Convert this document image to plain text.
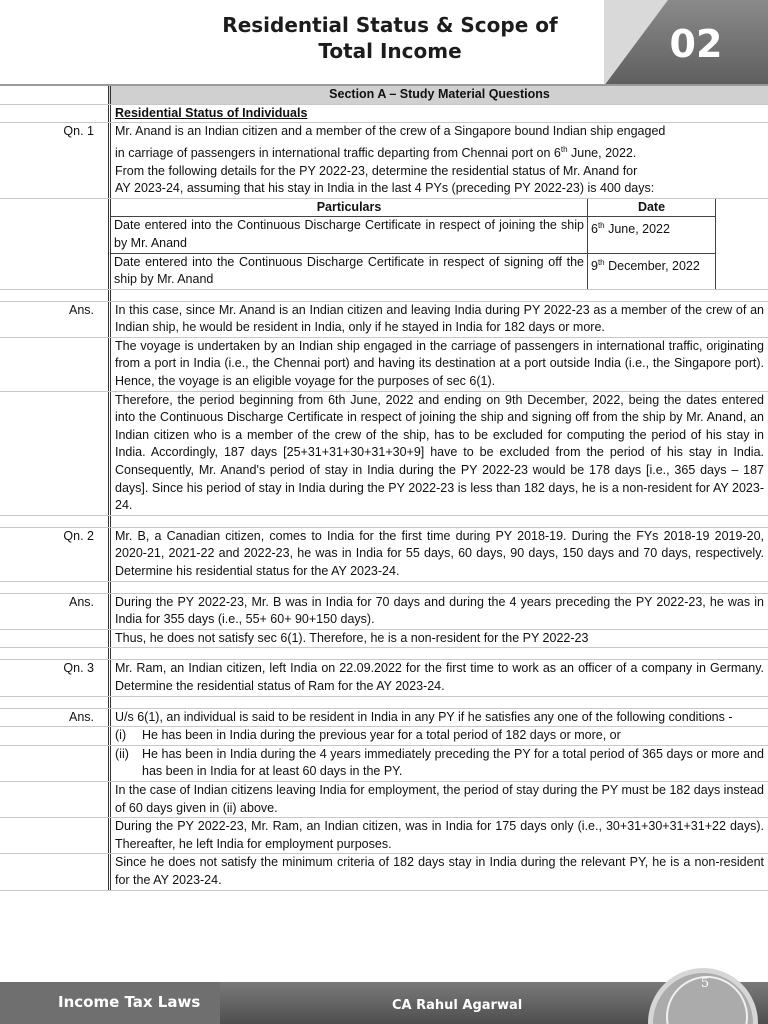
Residential Status & Scope of
Total Income	02
Section A – Study Material Questions
Residential Status of Individuals
Qn. 1	Mr. Anand is an Indian citizen and a member of the crew of a Singapore bound Indian ship engaged
in carriage of passengers in international traffic departing from Chennai port on 6th June, 2022.
From the following details for the PY 2022-23, determine the residential status of Mr. Anand for
AY 2023-24, assuming that his stay in India in the last 4 PYs (preceding PY 2022-23) is 400 days:
Particulars	Date
Date entered into the Continuous Discharge Certificate in respect of joining the ship by Mr. Anand	6th June, 2022
Date entered into the Continuous Discharge Certificate in respect of signing off the ship by Mr. Anand	9th December, 2022
Ans.	In this case, since Mr. Anand is an Indian citizen and leaving India during PY 2022-23 as a member of the crew of an Indian ship, he would be resident in India, only if he stayed in India for 182 days or more.
The voyage is undertaken by an Indian ship engaged in the carriage of passengers in international traffic, originating from a port in India (i.e., the Chennai port) and having its destination at a port outside India (i.e., the Singapore port). Hence, the voyage is an eligible voyage for the purposes of sec 6(1).
Therefore, the period beginning from 6th June, 2022 and ending on 9th December, 2022, being the dates entered into the Continuous Discharge Certificate in respect of joining the ship and signing off from the ship by Mr. Anand, an Indian citizen who is a member of the crew of the ship, has to be excluded for computing the period of his stay in India. Accordingly, 187 days [25+31+31+30+31+30+9] have to be excluded from the period of his stay in India. Consequently, Mr. Anand's period of stay in India during the PY 2022-23 would be 178 days [i.e., 365 days – 187 days]. Since his period of stay in India during the PY 2022-23 is less than 182 days, he is a non-resident for AY 2023-24.
Qn. 2	Mr. B, a Canadian citizen, comes to India for the first time during PY 2018-19. During the FYs 2018-19 2019-20, 2020-21, 2021-22 and 2022-23, he was in India for 55 days, 60 days, 90 days, 150 days and 70 days, respectively. Determine his residential status for the AY 2023-24.
Ans.	During the PY 2022-23, Mr. B was in India for 70 days and during the 4 years preceding the PY 2022-23, he was in India for 355 days (i.e., 55+ 60+ 90+150 days).
Thus, he does not satisfy sec 6(1). Therefore, he is a non-resident for the PY 2022-23
Qn. 3	Mr. Ram, an Indian citizen, left India on 22.09.2022 for the first time to work as an officer of a company in Germany. Determine the residential status of Ram for the AY 2023-24.
Ans.	U/s 6(1), an individual is said to be resident in India in any PY if he satisfies any one of the following conditions -
(i)	He has been in India during the previous year for a total period of 182 days or more, or
(ii)	He has been in India during the 4 years immediately preceding the PY for a total period of 365 days or more and has been in India for at least 60 days in the PY.
In the case of Indian citizens leaving India for employment, the period of stay during the PY must be 182 days instead of 60 days given in (ii) above.
During the PY 2022-23, Mr. Ram, an Indian citizen, was in India for 175 days only (i.e., 30+31+30+31+31+22 days). Thereafter, he left India for employment purposes.
Since he does not satisfy the minimum criteria of 182 days stay in India during the relevant PY, he is a non-resident for the AY 2023-24.
Income Tax Laws	CA Rahul Agarwal
5
